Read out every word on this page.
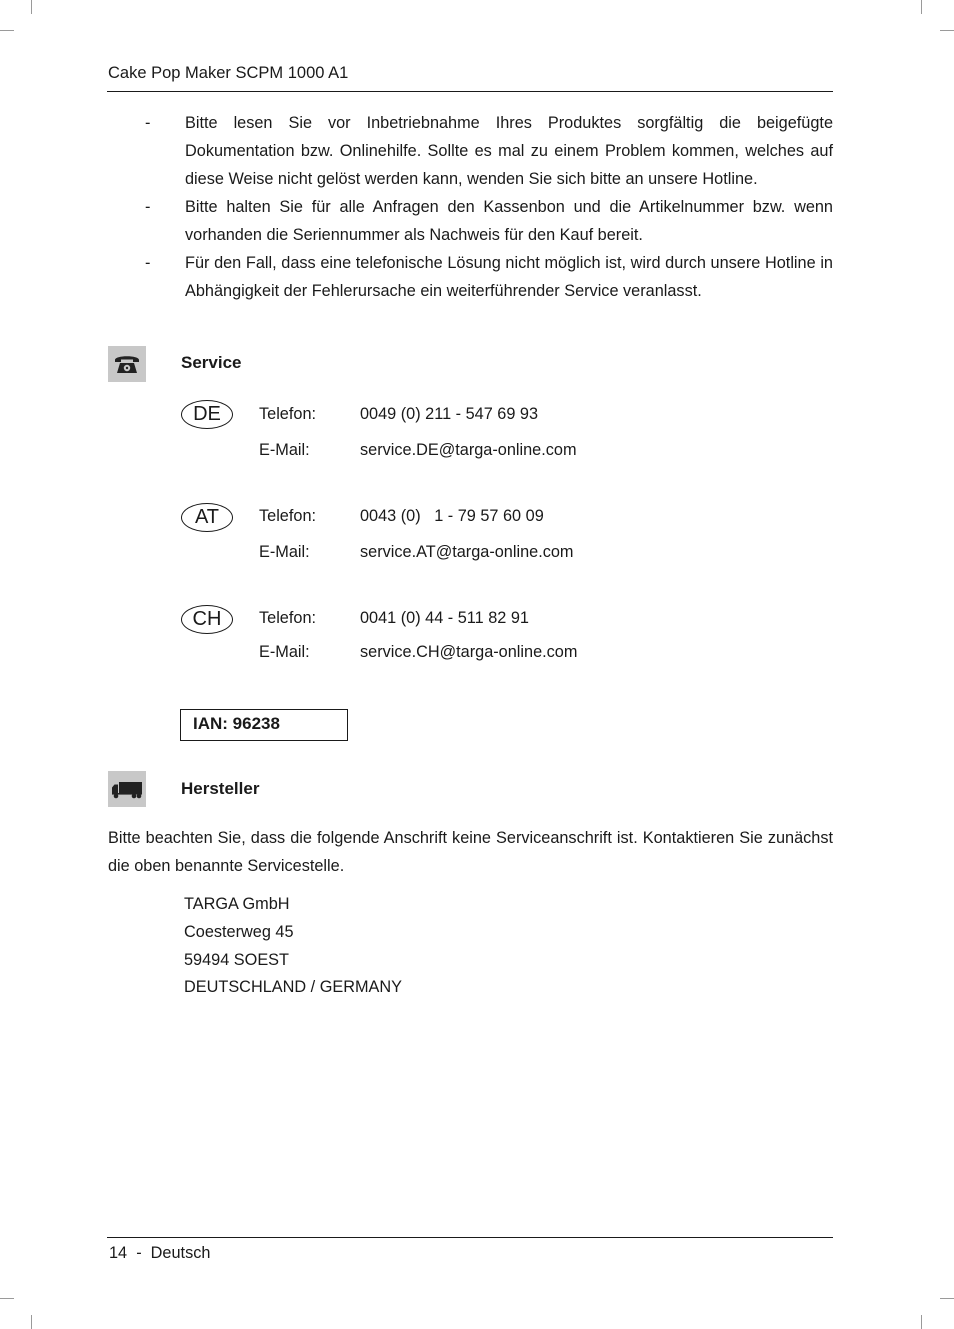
Cake Pop Maker SCPM 1000 A1
-	Bitte lesen Sie vor Inbetriebnahme Ihres Produktes sorgfältig die beigefügte Dokumentation bzw. Onlinehilfe. Sollte es mal zu einem Problem kommen, welches auf diese Weise nicht gelöst werden kann, wenden Sie sich bitte an unsere Hotline.
-	Bitte halten Sie für alle Anfragen den Kassenbon und die Artikelnummer bzw. wenn vorhanden die Seriennummer als Nachweis für den Kauf bereit.
-	Für den Fall, dass eine telefonische Lösung nicht möglich ist, wird durch unsere Hotline in Abhängigkeit der Fehlerursache ein weiterführender Service veranlasst.
Service
DE	Telefon:	0049 (0) 211 - 547 69 93
E-Mail:	service.DE@targa-online.com
AT	Telefon:	0043 (0)   1 - 79 57 60 09
E-Mail:	service.AT@targa-online.com
CH	Telefon:	0041 (0) 44 - 511 82 91
E-Mail:	service.CH@targa-online.com
IAN: 96238
Hersteller
Bitte beachten Sie, dass die folgende Anschrift keine Serviceanschrift ist. Kontaktieren Sie zunächst die oben benannte Servicestelle.
TARGA GmbH
Coesterweg 45
59494 SOEST
DEUTSCHLAND / GERMANY
14 - Deutsch
